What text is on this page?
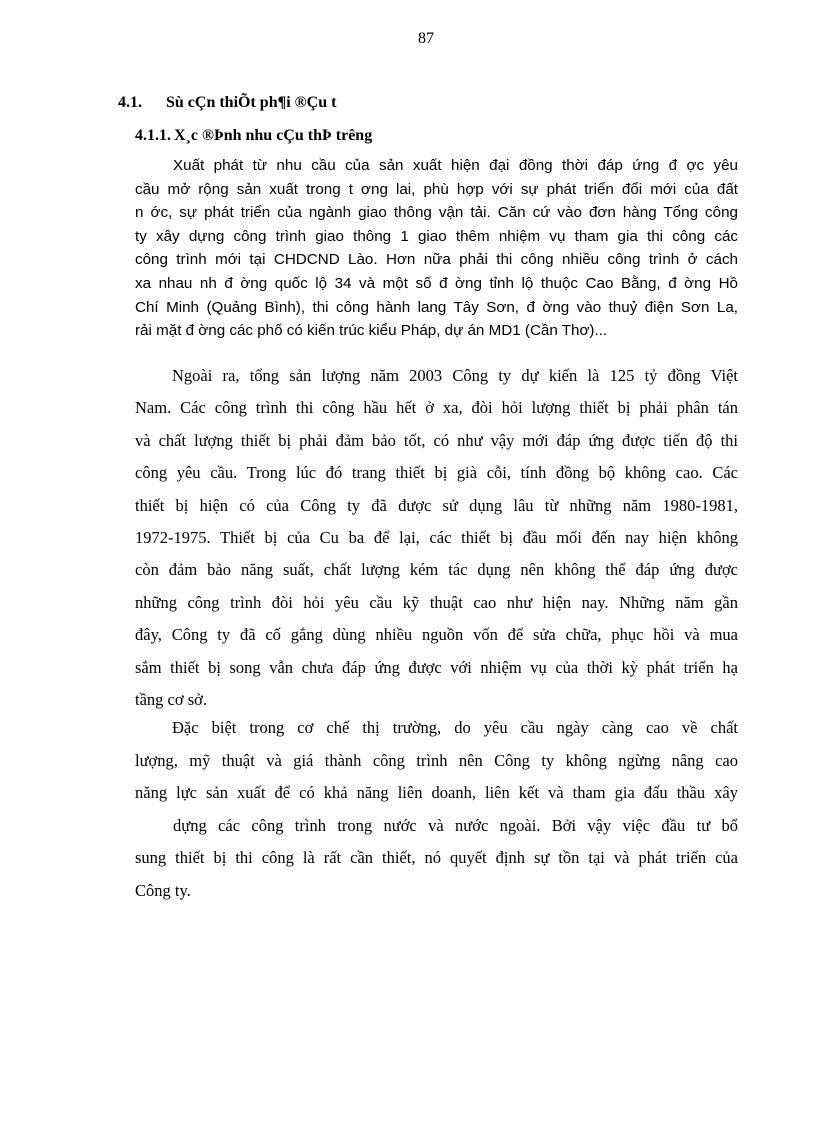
87
4.1. Sù cÇn thiÕt ph¶i ®Çu t
4.1.1. X¸c ®Þnh nhu cÇu thÞ trêng
Xuất phát từ nhu cầu của sản xuất hiện đại đồng thời đáp ứng đ ợc yêu
cầu mở rộng sản xuất trong t ơng lai, phù hợp với sự phát triển đổi mới của đất
n ớc, sự phát triển của ngành giao thông vận tải. Căn cứ vào đơn hàng Tổng công
ty xây dựng công trình giao thông 1 giao thêm nhiệm vụ tham gia thi công các
công trình mới tại CHDCND Lào. Hơn nữa phải thi công nhiều công trình ở cách
xa nhau nh đ ờng quốc lộ 34 và một số đ ờng tỉnh lộ thuộc Cao Bằng, đ ờng Hồ
Chí Minh (Quảng Bình), thi công hành lang Tây Sơn, đ ờng vào thuỷ điện Sơn La,
rải mặt đ ờng các phố có kiến trúc kiểu Pháp, dự án MD1 (Cần Thơ)...
Ngoài ra, tổng sản lượng năm 2003 Công ty dự kiến là 125 tỷ đồng Việt
Nam. Các công trình thi công hầu hết ở xa, đòi hỏi lượng thiết bị phải phân tán
và chất lượng thiết bị phải đảm bảo tốt, có như vậy mới đáp ứng được tiến độ thi
công yêu cầu. Trong lúc đó trang thiết bị già cỗi, tính đồng bộ không cao. Các
thiết bị hiện có của Công ty đã được sử dụng lâu từ những năm 1980-1981,
1972-1975. Thiết bị của Cu ba để lại, các thiết bị đầu mối đến nay hiện không
còn đảm bảo năng suất, chất lượng kém tác dụng nên không thể đáp ứng được
những công trình đòi hỏi yêu cầu kỹ thuật cao như hiện nay. Những năm gần
đây, Công ty đã cố gắng dùng nhiều nguồn vốn để sửa chữa, phục hồi và mua
sắm thiết bị song vẫn chưa đáp ứng được với nhiệm vụ của thời kỳ phát triển hạ
tầng cơ sở.
Đặc biệt trong cơ chế thị trường, do yêu cầu ngày càng cao về chất
lượng, mỹ thuật và giá thành công trình nên Công ty không ngừng nâng cao
năng lực sản xuất để có khả năng liên doanh, liên kết và tham gia đấu thầu xây
dựng các công trình trong nước và nước ngoài. Bởi vậy việc đầu tư bổ
sung thiết bị thi công là rất cần thiết, nó quyết định sự tồn tại và phát triển của
Công ty.
